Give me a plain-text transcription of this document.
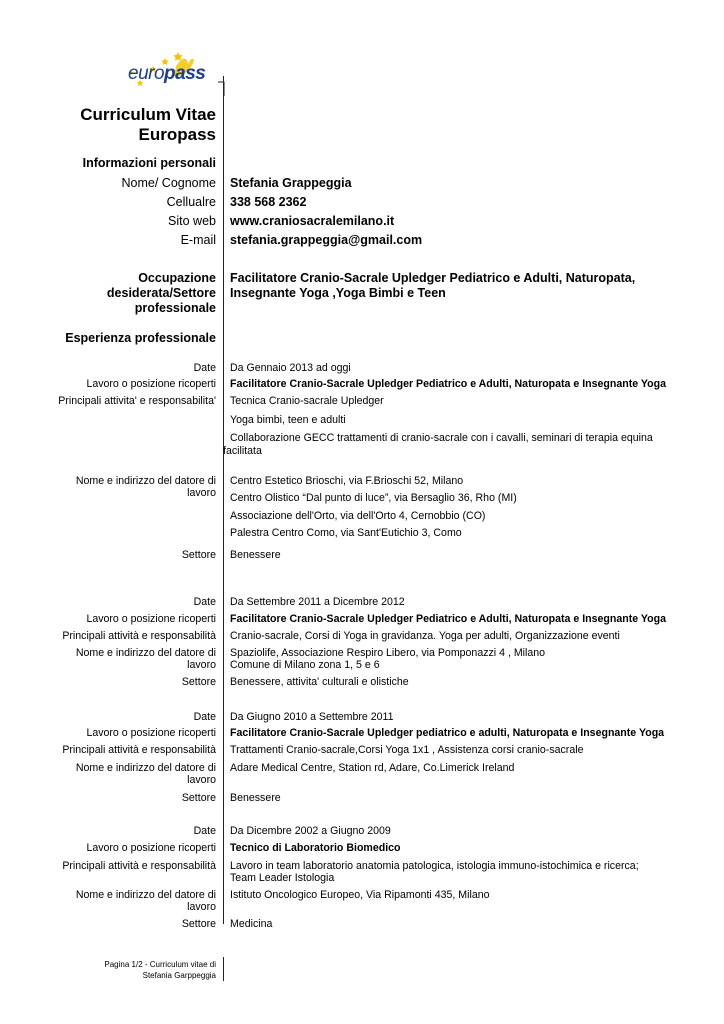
europass
Curriculum Vitae
Europass
Informazioni personali
Nome/ Cognome Stefania Grappeggia
Cellualre 338 568 2362
Sito web www.craniosacralemilano.it
E-mail stefania.grappeggia@gmail.com
Occupazione
desiderata/Settore
professionale
Facilitatore Cranio-Sacrale Upledger Pediatrico e Adulti, Naturopata,
Insegnante Yoga ,Yoga Bimbi e Teen
Esperienza professionale
Date Da Gennaio 2013 ad oggi
Lavoro o posizione ricoperti Facilitatore Cranio-Sacrale Upledger Pediatrico e Adulti, Naturopata e Insegnante Yoga
Principali attivita' e responsabilita' Tecnica Cranio-sacrale Upledger
Yoga bimbi, teen e adulti
Collaborazione GECC trattamenti di cranio-sacrale con i cavalli, seminari di terapia equina
facilitata
Nome e indirizzo del datore di
lavoro
Centro Estetico Brioschi, via F.Brioschi 52, Milano
Centro Olistico “Dal punto di luce”, via Bersaglio 36, Rho (MI)
Associazione dell'Orto, via dell'Orto 4, Cernobbio (CO)
Palestra Centro Como, via Sant'Eutichio 3, Como
Settore Benessere
Date Da Settembre 2011 a Dicembre 2012
Lavoro o posizione ricoperti Facilitatore Cranio-Sacrale Upledger Pediatrico e Adulti, Naturopata e Insegnante Yoga
Principali attività e responsabilità Cranio-sacrale, Corsi di Yoga in gravidanza. Yoga per adulti, Organizzazione eventi
Nome e indirizzo del datore di
lavoro
Spaziolife, Associazione Respiro Libero, via Pomponazzi 4 , Milano
Comune di Milano zona 1, 5 e 6
Settore Benessere, attivita' culturali e olistiche
Date Da Giugno 2010 a Settembre 2011
Lavoro o posizione ricoperti Facilitatore Cranio-Sacrale Upledger pediatrico e adulti, Naturopata e Insegnante Yoga
Principali attività e responsabilità Trattamenti Cranio-sacrale,Corsi Yoga 1x1 , Assistenza corsi cranio-sacrale
Nome e indirizzo del datore di
lavoro
Adare Medical Centre, Station rd, Adare, Co.Limerick Ireland
Settore Benessere
Date Da Dicembre 2002 a Giugno 2009
Lavoro o posizione ricoperti Tecnico di Laboratorio Biomedico
Principali attività e responsabilità Lavoro in team laboratorio anatomia patologica, istologia immuno-istochimica e ricerca;
Team Leader Istologia
Nome e indirizzo del datore di
lavoro
Istituto Oncologico Europeo, Via Ripamonti 435, Milano
Settore Medicina
Pagina 1/2 - Curriculum vitae di
Stefania Garppeggia
